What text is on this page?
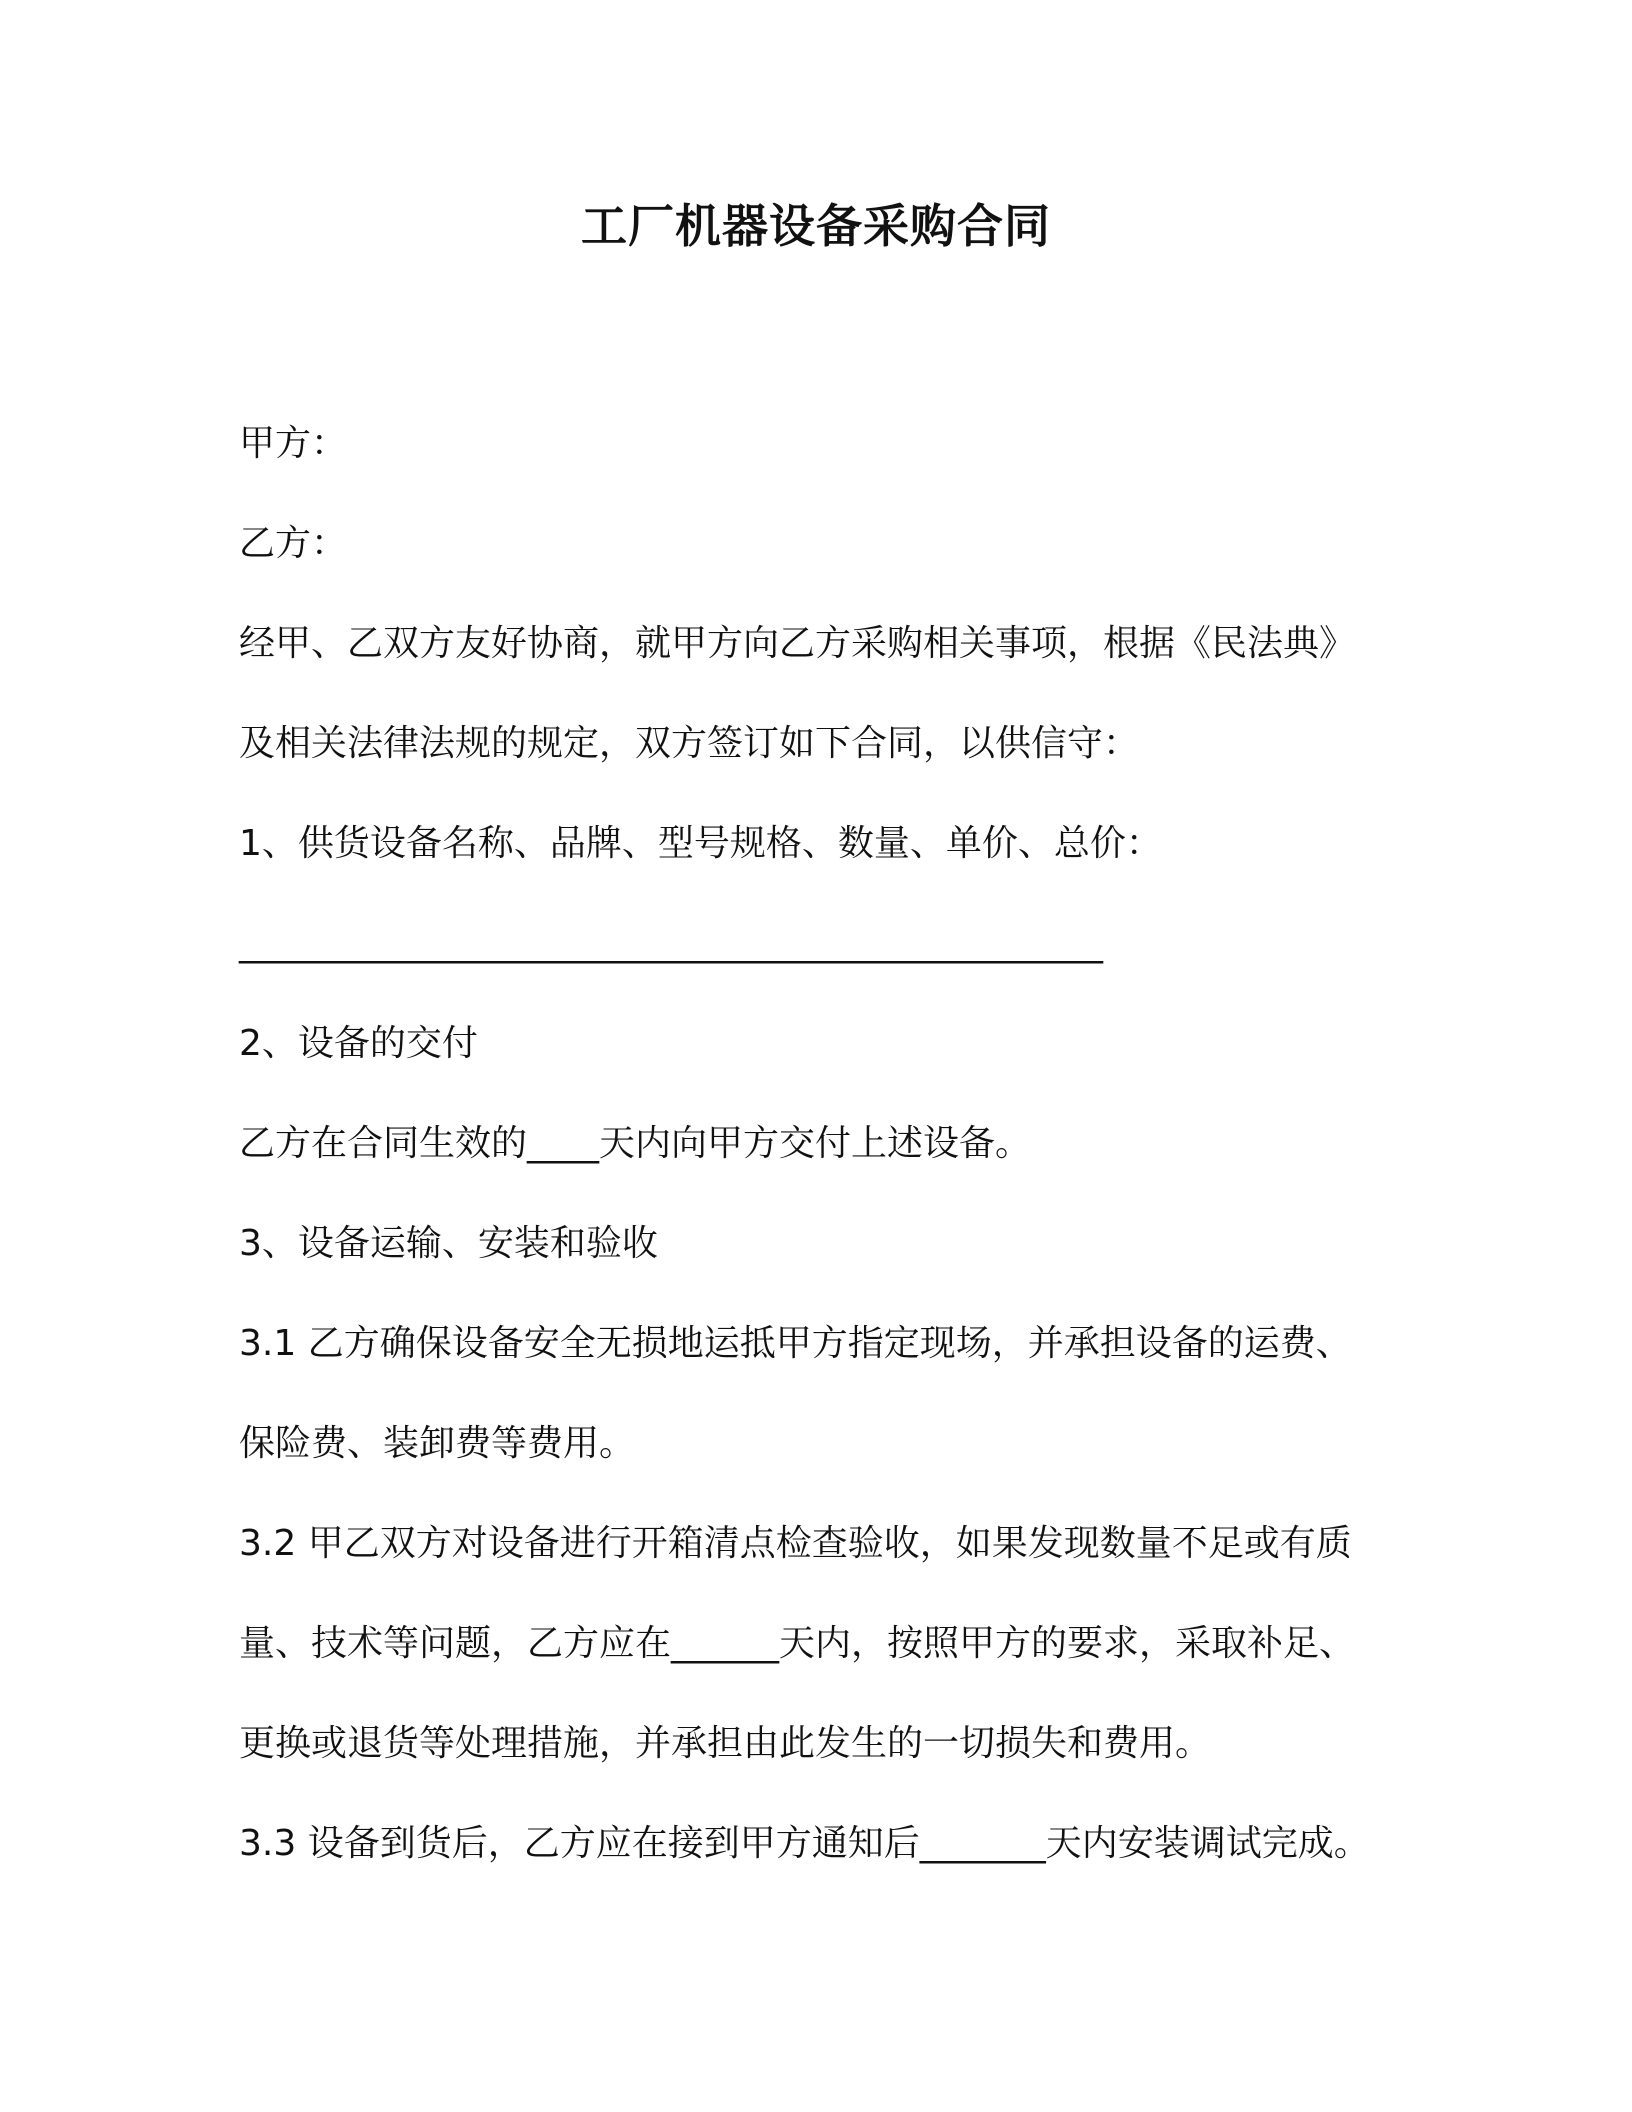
工厂机器设备采购合同
甲方：
乙方：
经甲、乙双方友好协商，就甲方向乙方采购相关事项，根据《民法典》
及相关法律法规的规定，双方签订如下合同，以供信守：
1、供货设备名称、品牌、型号规格、数量、单价、总价：
________________________________________________
2、设备的交付
乙方在合同生效的____天内向甲方交付上述设备。
3、设备运输、安装和验收
3.1 乙方确保设备安全无损地运抵甲方指定现场，并承担设备的运费、
保险费、装卸费等费用。
3.2 甲乙双方对设备进行开箱清点检查验收，如果发现数量不足或有质
量、技术等问题，乙方应在______天内，按照甲方的要求，采取补足、
更换或退货等处理措施，并承担由此发生的一切损失和费用。
3.3 设备到货后，乙方应在接到甲方通知后_______天内安装调试完成。
